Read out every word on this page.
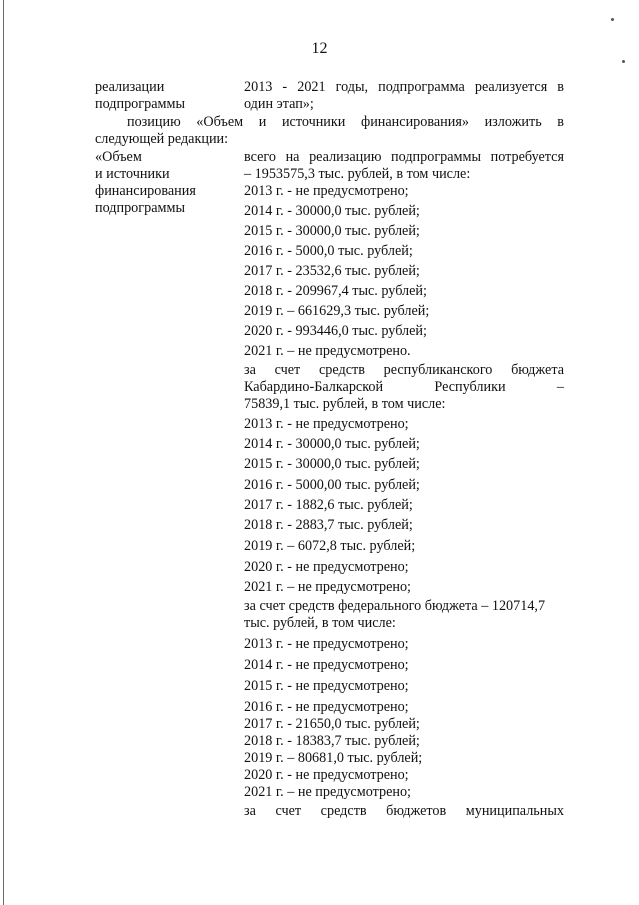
12
реализации
подпрограммы
2013 - 2021 годы, подпрограмма реализуется в
один этап»;
позицию «Объем и источники финансирования» изложить в
следующей редакции:
«Объем
и источники
финансирования
подпрограммы
всего на реализацию подпрограммы потребуется
– 1953575,3 тыс. рублей, в том числе:
2013 г. - не предусмотрено;
2014 г. - 30000,0 тыс. рублей;
2015 г. - 30000,0 тыс. рублей;
2016 г. - 5000,0 тыс. рублей;
2017 г. - 23532,6 тыс. рублей;
2018 г. - 209967,4 тыс. рублей;
2019 г. – 661629,3 тыс. рублей;
2020 г. - 993446,0 тыс. рублей;
2021 г. – не предусмотрено.
за счет средств республиканского бюджета
Кабардино-Балкарской Республики –
75839,1 тыс. рублей, в том числе:
2013 г. - не предусмотрено;
2014 г. - 30000,0 тыс. рублей;
2015 г. - 30000,0 тыс. рублей;
2016 г. - 5000,00 тыс. рублей;
2017 г. - 1882,6 тыс. рублей;
2018 г. - 2883,7 тыс. рублей;
2019 г. – 6072,8 тыс. рублей;
2020 г. - не предусмотрено;
2021 г. – не предусмотрено;
за счет средств федерального бюджета – 120714,7
тыс. рублей, в том числе:
2013 г. - не предусмотрено;
2014 г. - не предусмотрено;
2015 г. - не предусмотрено;
2016 г. - не предусмотрено;
2017 г. - 21650,0 тыс. рублей;
2018 г. - 18383,7 тыс. рублей;
2019 г. – 80681,0 тыс. рублей;
2020 г. - не предусмотрено;
2021 г. – не предусмотрено;
за счет средств бюджетов муниципальных
